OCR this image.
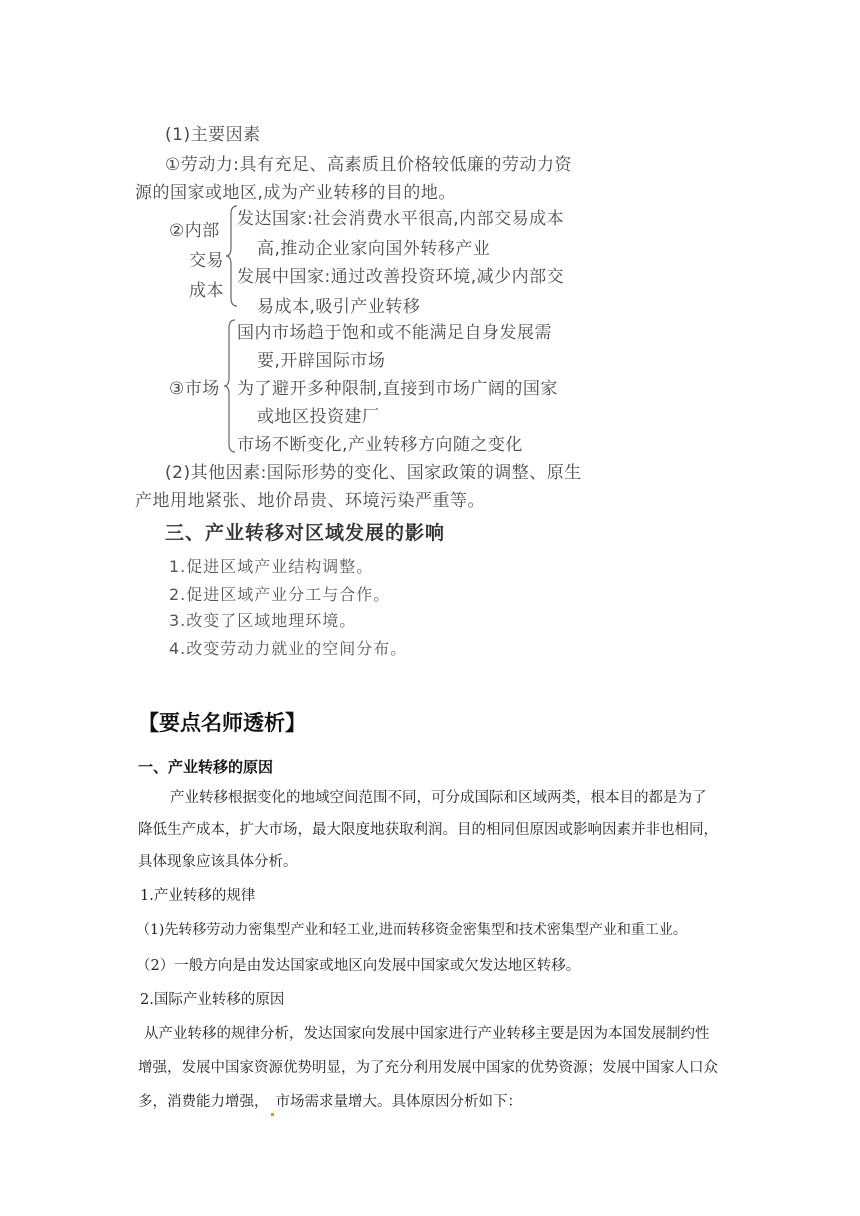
(1)主要因素
①劳动力:具有充足、高素质且价格较低廉的劳动力资
源的国家或地区,成为产业转移的目的地。
②内部
交易
成本
发达国家:社会消费水平很高,内部交易成本
高,推动企业家向国外转移产业
发展中国家:通过改善投资环境,减少内部交
易成本,吸引产业转移
③市场
国内市场趋于饱和或不能满足自身发展需
要,开辟国际市场
为了避开多种限制,直接到市场广阔的国家
或地区投资建厂
市场不断变化,产业转移方向随之变化
(2)其他因素:国际形势的变化、国家政策的调整、原生
产地用地紧张、地价昂贵、环境污染严重等。
三、产业转移对区域发展的影响
1.促进区域产业结构调整。
2.促进区域产业分工与合作。
3.改变了区域地理环境。
4.改变劳动力就业的空间分布。
【要点名师透析】
一、产业转移的原因
产业转移根据变化的地域空间范围不同，可分成国际和区域两类，根本目的都是为了
降低生产成本，扩大市场，最大限度地获取利润。目的相同但原因或影响因素并非也相同，
具体现象应该具体分析。
1.产业转移的规律
（1)先转移劳动力密集型产业和轻工业,进而转移资金密集型和技术密集型产业和重工业。
（2）一般方向是由发达国家或地区向发展中国家或欠发达地区转移。
2.国际产业转移的原因
从产业转移的规律分析，发达国家向发展中国家进行产业转移主要是因为本国发展制约性
增强，发展中国家资源优势明显，为了充分利用发展中国家的优势资源；发展中国家人口众
多，消费能力增强， 市场需求量增大。具体原因分析如下：
